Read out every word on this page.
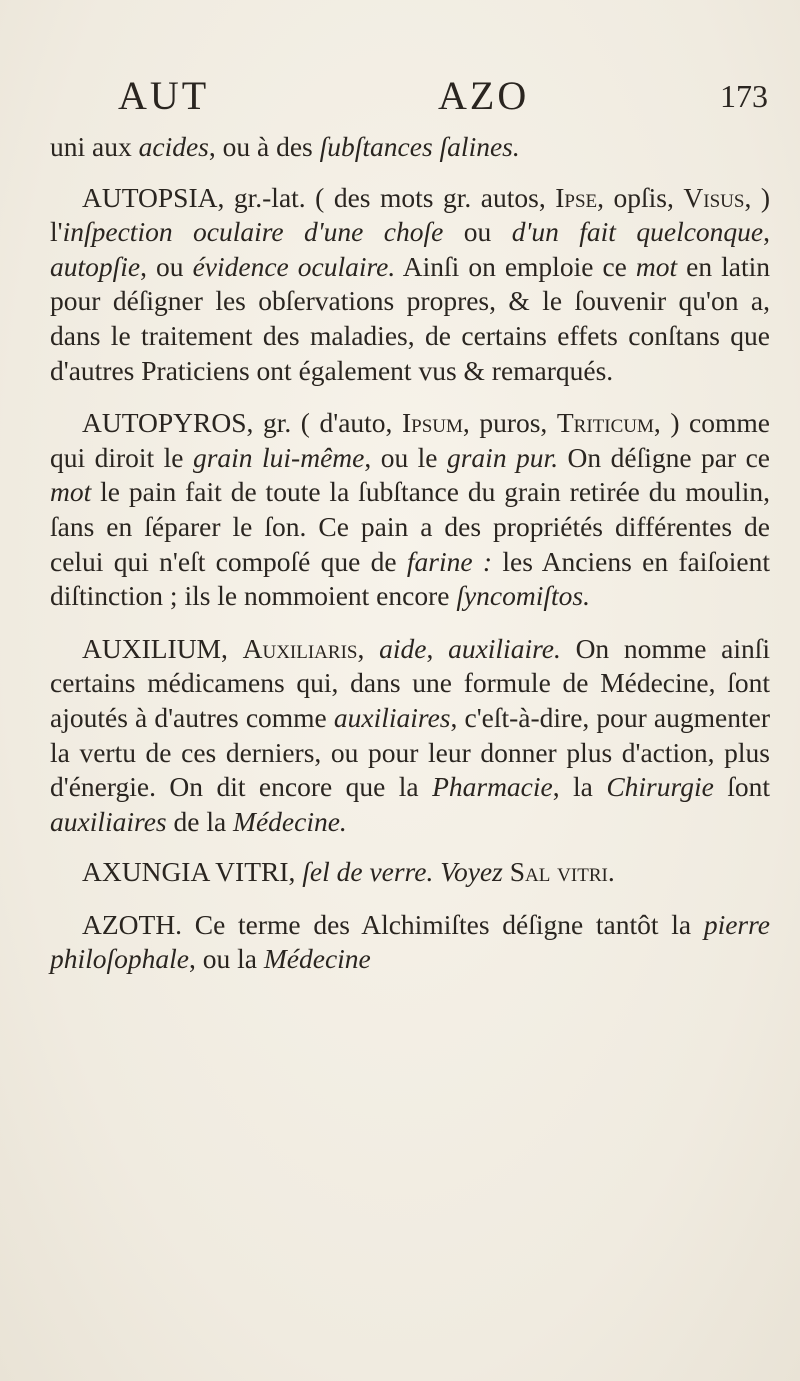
AUT	AZO	173

uni aux acides, ou à des ſubſtances ſalines.

AUTOPSIA, gr.-lat. ( des mots gr. autos, Ipse, opſis, Visus, ) l'inſpection oculaire d'une choſe ou d'un fait quelconque, autopſie, ou évidence oculaire. Ainſi on emploie ce mot en latin pour déſigner les obſervations propres, & le ſouvenir qu'on a, dans le traitement des maladies, de certains effets conſtans que d'autres Praticiens ont également vus & remarqués.

AUTOPYROS, gr. ( d'auto, Ipsum, puros, Triticum, ) comme qui diroit le grain lui-même, ou le grain pur. On déſigne par ce mot le pain fait de toute la ſubſtance du grain retirée du moulin, ſans en ſéparer le ſon. Ce pain a des propriétés différentes de celui qui n'eſt compoſé que de farine : les Anciens en faiſoient diſtinction ; ils le nommoient encore ſyncomiſtos.

AUXILIUM, Auxiliaris, aide, auxiliaire. On nomme ainſi certains médicamens qui, dans une formule de Médecine, ſont ajoutés à d'autres comme auxiliaires, c'eſt-à-dire, pour augmenter la vertu de ces derniers, ou pour leur donner plus d'action, plus d'énergie. On dit encore que la Pharmacie, la Chirurgie ſont auxiliaires de la Médecine.

AXUNGIA VITRI, ſel de verre. Voyez Sal vitri.

AZOTH. Ce terme des Alchimiſtes déſigne tantôt la pierre philoſophale, ou la Médecine
